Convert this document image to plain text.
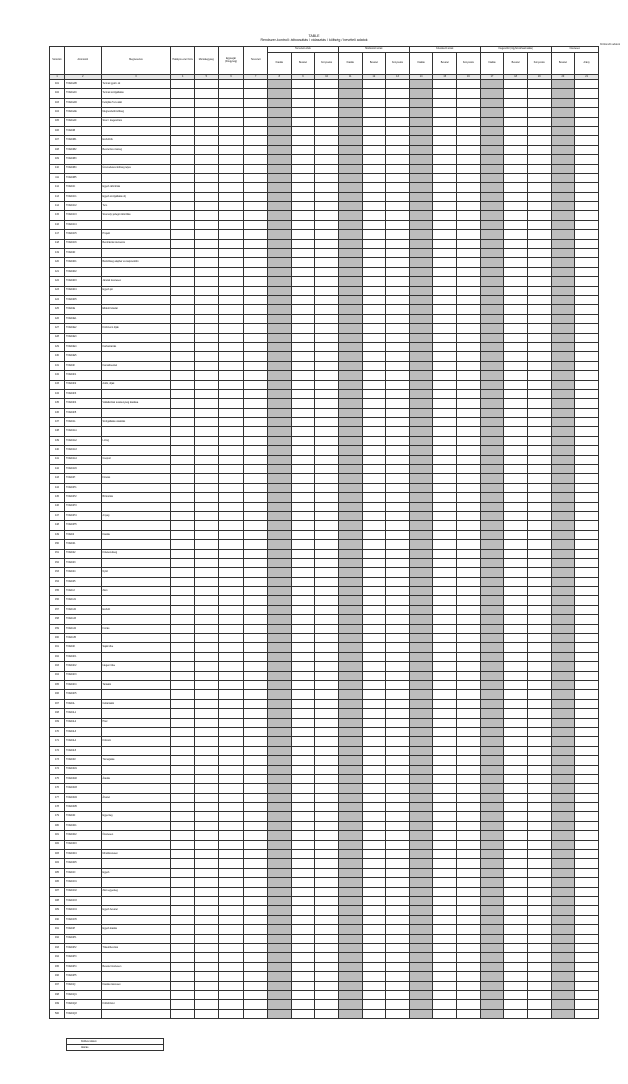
TABLE
Rendszer-kontroll: átbocsátás / választás / költség / bevételi adatok
Kitöltendő adatok
Sorszám	Azonosító	Megnevezés	Hatályos ezer Ft/év	Mértékegység	Egységár (Ft/egység)	Tervezett	Tervezett érték			Módosított érték			Következő érték			Kiegészítő (Ugyfél-felhasználás)			Összesen	
							Kiadás	Bevétel	Konyvelés	Kiadás	Bevétel	Konyvelés	Kiadás	Bevétel	Konyvelés	Kiadás	Bevétel	Konyvelés	Bevétel	Arány
1	2	3	4	5	6	7	8	9	10	11	12	13	14	15	16	17	18	19	20	21
401	T0DA4AB	Termék gyárt. ok																		
402	T0DA4AC	Termék szolgáltatás																		
403	T0DA4AD	Felújítás 5 év alatt																		
404	T0DA4AE	Megrendelői költség																		
405	T0DA4AF	Szerz. kiegészítés																		
406	T0DA4B																			
407	T0DA4B1	Eszközök																		
408	T0DA4B2	Beszerzés összeg																		
409	T0DA4B3																			
410	T0DA4B4	Üzemeltetési költség teljes																		
411	T0DA4B5																			
412	T0DA4C	Egyéb ráfordítás																		
413	T0DA4C1	Egyéb szolgáltatás díj																		
414	T0DA4C2	Terv.																		
415	T0DA4C3	Személyi jellegű ráfordítás																		
416	T0DA4C4																			
417	T0DA4C5	Projekt																		
418	T0DA4C6	Beruházás ütemezés																		
419	T0DA4D																			
420	T0DA4D1	Bérköltség alapbér és kapcsolódó																		
421	T0DA4D2																			
422	T0DA4D3	Járulék összesen																		
423	T0DA4D4	Egyéb jár.																		
424	T0DA4D5																			
425	T0DA4E	Ellátott feladat																		
426	T0DA4E1																			
427	T0DA4E2	Közüzemi díjak																		
428	T0DA4E3																			
429	T0DA4E4	Karbantartás																		
430	T0DA4E5																			
431	T0DA4F	Kamatbevétel																		
432	T0DA4F1																			
433	T0DA4F2	Adók, díjak																		
434	T0DA4F3																			
435	T0DA4F4	Vállalkozási tevékenység kiadása																		
436	T0DA4F5																			
437	T0DA4G	Szolgáltatás vásárlás																		
438	T0DA4G1																			
439	T0DA4G2	Lízing																		
440	T0DA4G3																			
441	T0DA4G4	Csoport																		
442	T0DA4G5																			
443	T0DA4H	Fizetés																		
444	T0DA4H1																			
445	T0DA4H2	Biztosítás																		
446	T0DA4H3																			
447	T0DA4H4	Anyag																		
448	T0DA4H5																			
449	T0DA4I	Kiadás																		
450	T0DA4I1																			
451	T0DA4I2	Kötelezettség																		
452	T0DA4I3																			
453	T0DA4I4	Nyitó																		
454	T0DA4I5																			
455	T0DA4J	Záró																		
456	T0DA4J1																			
457	T0DA4J2	Eszköz																		
458	T0DA4J3																			
459	T0DA4J4	Forrás																		
460	T0DA4J5																			
461	T0DA4K	Saját tőke																		
462	T0DA4K1																			
463	T0DA4K2	Idegen tőke																		
464	T0DA4K3																			
465	T0DA4K4	Tartalék																		
466	T0DA4K5																			
467	T0DA4L	Céltartalék																		
468	T0DA4L1																			
469	T0DA4L2	Hitel																		
470	T0DA4L3																			
471	T0DA4L4	Kölcsön																		
472	T0DA4L5																			
473	T0DA4M	Támogatás																		
474	T0DA4M1																			
475	T0DA4M2	Átadás																		
476	T0DA4M3																			
477	T0DA4M4	Átvétel																		
478	T0DA4M5																			
479	T0DA4N	Egyenleg																		
480	T0DA4N1																			
481	T0DA4N2	Összesen																		
482	T0DA4N3																			
483	T0DA4N4	Mindösszesen																		
484	T0DA4N5																			
485	T0DA4O	Egyéb																		
486	T0DA4O1																			
487	T0DA4O2	Záró egyenleg																		
488	T0DA4O3																			
489	T0DA4O4	Egyéb bevétel																		
490	T0DA4O5																			
491	T0DA4P	Egyéb kiadás																		
492	T0DA4P1																			
493	T0DA4P2	Tőketörlesztés																		
494	T0DA4P3																			
495	T0DA4P4	Bevétel összesen																		
496	T0DA4P5																			
497	T0DA4Q	Kiadás összesen																		
498	T0DA4Q1																			
499	T0DA4Q2	Különbözet																		
500	T0DA4Q3																			
Kitöltési dátum
Aláírás
